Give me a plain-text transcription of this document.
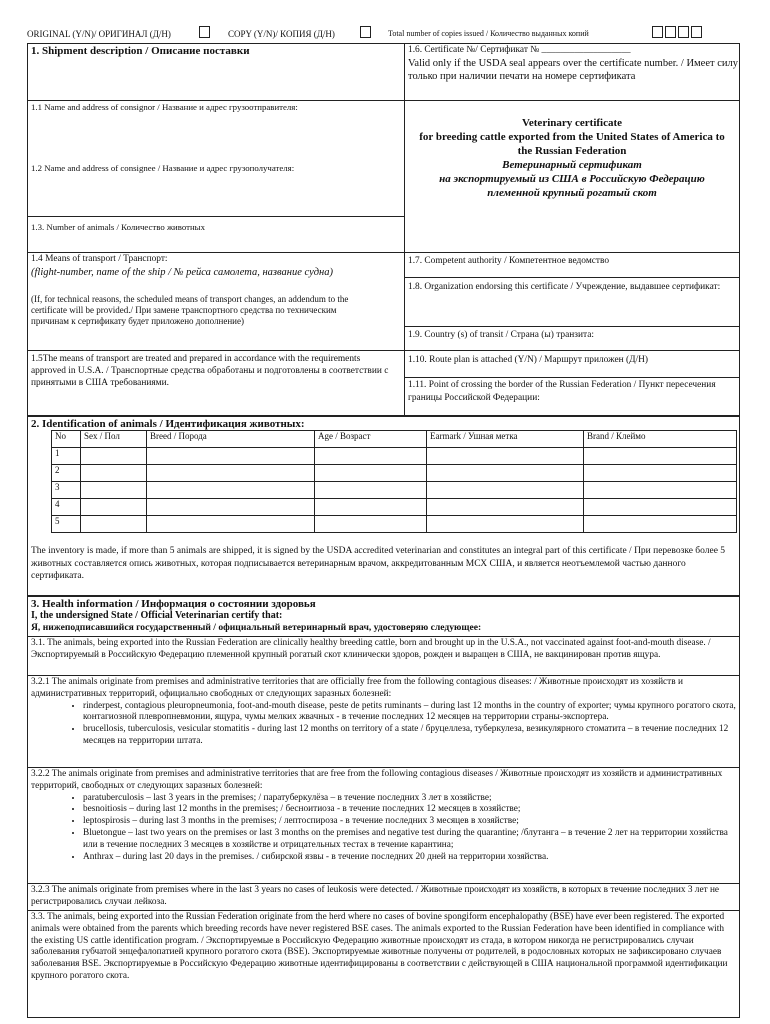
ORIGINAL (Y/N)/ ОРИГИНАЛ (Д/Н)	COPY (Y/N)/ КОПИЯ (Д/Н)	Total number of copies issued / Количество выданных копий
1. Shipment description / Описание поставки	1.6. Certificate №/ Сертификат № ___________________
Valid only if the USDA seal appears over the certificate number. / Имеет силу только при наличии печати на номере сертификата
1.1 Name and address of consignor / Название и адрес грузоотправителя:
Veterinary certificate
for breeding cattle exported from the United States of America to the Russian Federation
Ветеринарный сертификат
на экспортируемый из США в Российскую Федерацию племенной крупный рогатый скот
1.2 Name and address of consignee / Название и адрес грузополучателя:
1.3. Number of animals / Количество животных
1.4 Means of transport / Транспорт:
(flight-number, name of the ship / № рейса самолета, название судна)
(If, for technical reasons, the scheduled means of transport changes, an addendum to the certificate will be provided./ При замене транспортного средства по техническим причинам к сертификату будет приложено дополнение)
1.7. Competent authority / Компетентное ведомство
1.8. Organization endorsing this certificate / Учреждение, выдавшее сертификат:
1.9. Country (s) of transit / Страна (ы) транзита:
1.5The means of transport are treated and prepared in accordance with the requirements approved in U.S.A. / Транспортные средства обработаны и подготовлены в соответствии с принятыми в США требованиями.
1.10. Route plan is attached (Y/N) / Маршрут приложен (Д/Н)
1.11. Point of crossing the border of the Russian Federation / Пункт пересечения границы Российской Федерации:
2. Identification of animals / Идентификация животных:
No	Sex / Пол	Breed / Порода	Age / Возраст	Earmark / Ушная метка	Brand / Клеймо
1					
2					
3					
4					
5					
The inventory is made, if more than 5 animals are shipped, it is signed by the USDA accredited veterinarian and constitutes an integral part of this certificate / При перевозке более 5 животных составляется опись животных, которая подписывается ветеринарным врачом, аккредитованным МСХ США, и является неотъемлемой частью данного сертификата.
3. Health information / Информация о состоянии здоровья
I, the undersigned State / Official Veterinarian certify that:
Я, нижеподписавшийся государственный / официальный ветеринарный врач, удостоверяю следующее:
3.1. The animals, being exported into the Russian Federation are clinically healthy breeding cattle, born and brought up in the U.S.A., not vaccinated against foot-and-mouth disease. / Экспортируемый в Российскую Федерацию племенной крупный рогатый скот клинически здоров, рожден и выращен в США, не вакцинирован против ящура.
3.2.1 The animals originate from premises and administrative territories that are officially free from the following contagious diseases: / Животные происходят из хозяйств и административных территорий, официально свободных от следующих заразных болезней:
• rinderpest, contagious pleuropneumonia, foot-and-mouth disease, peste de petits ruminants – during last 12 months in the country of exporter; чумы крупного рогатого скота, контагиозной плевропневмонии, ящура, чумы мелких жвачных - в течение последних 12 месяцев на территории страны-экспортера.
• brucellosis, tuberculosis, vesicular stomatitis - during last 12 months on territory of a state / бруцеллеза, туберкулеза, везикулярного стоматита – в течение последних 12 месяцев на территории штата.
3.2.2 The animals originate from premises and administrative territories that are free from the following contagious diseases / Животные происходят из хозяйств и административных территорий, свободных от следующих заразных болезней:
• paratuberculosis – last 3 years in the premises; / паратуберкулёза – в течение последних 3 лет в хозяйстве;
• besnoitiosis – during last 12 months in the premises; / бесноитиоза - в течение последних 12 месяцев в хозяйстве;
• leptospirosis – during last 3 months in the premises; / лептоспироза - в течение последних 3 месяцев в хозяйстве;
• Bluetongue – last two years on the premises or last 3 months on the premises and negative test during the quarantine; /блутанга – в течение 2 лет на территории хозяйства или в течение последних 3 месяцев в хозяйстве и отрицательных тестах в течение карантина;
• Anthrax – during last 20 days in the premises. / сибирской язвы - в течение последних 20 дней на территории хозяйства.
3.2.3 The animals originate from premises where in the last 3 years no cases of leukosis were detected. / Животные происходят из хозяйств, в которых в течение последних 3 лет не регистрировались случаи лейкоза.
3.3. The animals, being exported into the Russian Federation originate from the herd where no cases of bovine spongiform encephalopathy (BSE) have ever been registered. The exported animals were obtained from the parents which breeding records have never registered BSE cases. The animals exported to the Russian Federation have been identified in compliance with the existing US cattle identification program. / Экспортируемые в Российскую Федерацию животные происходят из стада, в котором никогда не регистрировались случаи заболевания губчатой энцефалопатией крупного рогатого скота (BSE). Экспортируемые животные получены от родителей, в родословных которых не зафиксировано случаев заболевания BSE. Экспортируемые в Российскую Федерацию животные идентифицированы в соответствии с действующей в США национальной программой идентификации крупного рогатого скота.
